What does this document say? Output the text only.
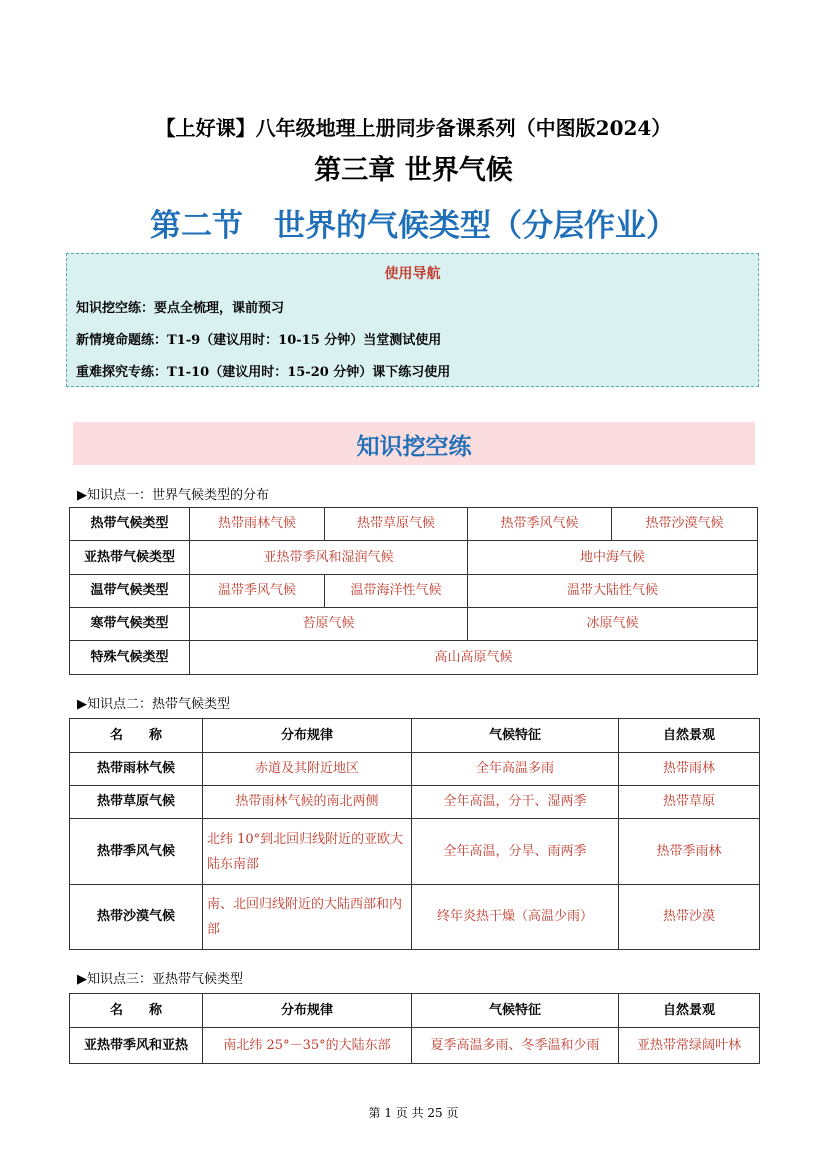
【上好课】八年级地理上册同步备课系列（中图版2024）
第三章 世界气候
第二节　世界的气候类型（分层作业）
使用导航
知识挖空练：要点全梳理，课前预习
新情境命题练：T1-9（建议用时：10-15 分钟）当堂测试使用
重难探究专练：T1-10（建议用时：15-20 分钟）课下练习使用
知识挖空练
▶知识点一：世界气候类型的分布
热带气候类型	热带雨林气候	热带草原气候	热带季风气候	热带沙漠气候
亚热带气候类型	亚热带季风和湿润气候		地中海气候	
温带气候类型	温带季风气候	温带海洋性气候	温带大陆性气候	
寒带气候类型	苔原气候		冰原气候	
特殊气候类型	高山高原气候			
▶知识点二：热带气候类型
名　　称	分布规律	气候特征	自然景观
热带雨林气候	赤道及其附近地区	全年高温多雨	热带雨林
热带草原气候	热带雨林气候的南北两侧	全年高温，分干、湿两季	热带草原
热带季风气候	北纬 10°到北回归线附近的亚欧大陆东南部	全年高温，分旱、雨两季	热带季雨林
热带沙漠气候	南、北回归线附近的大陆西部和内部	终年炎热干燥（高温少雨）	热带沙漠
▶知识点三：亚热带气候类型
名　　称	分布规律	气候特征	自然景观
亚热带季风和亚热	南北纬 25°－35°的大陆东部	夏季高温多雨、冬季温和少雨	亚热带常绿阔叶林
第 1 页 共 25 页
